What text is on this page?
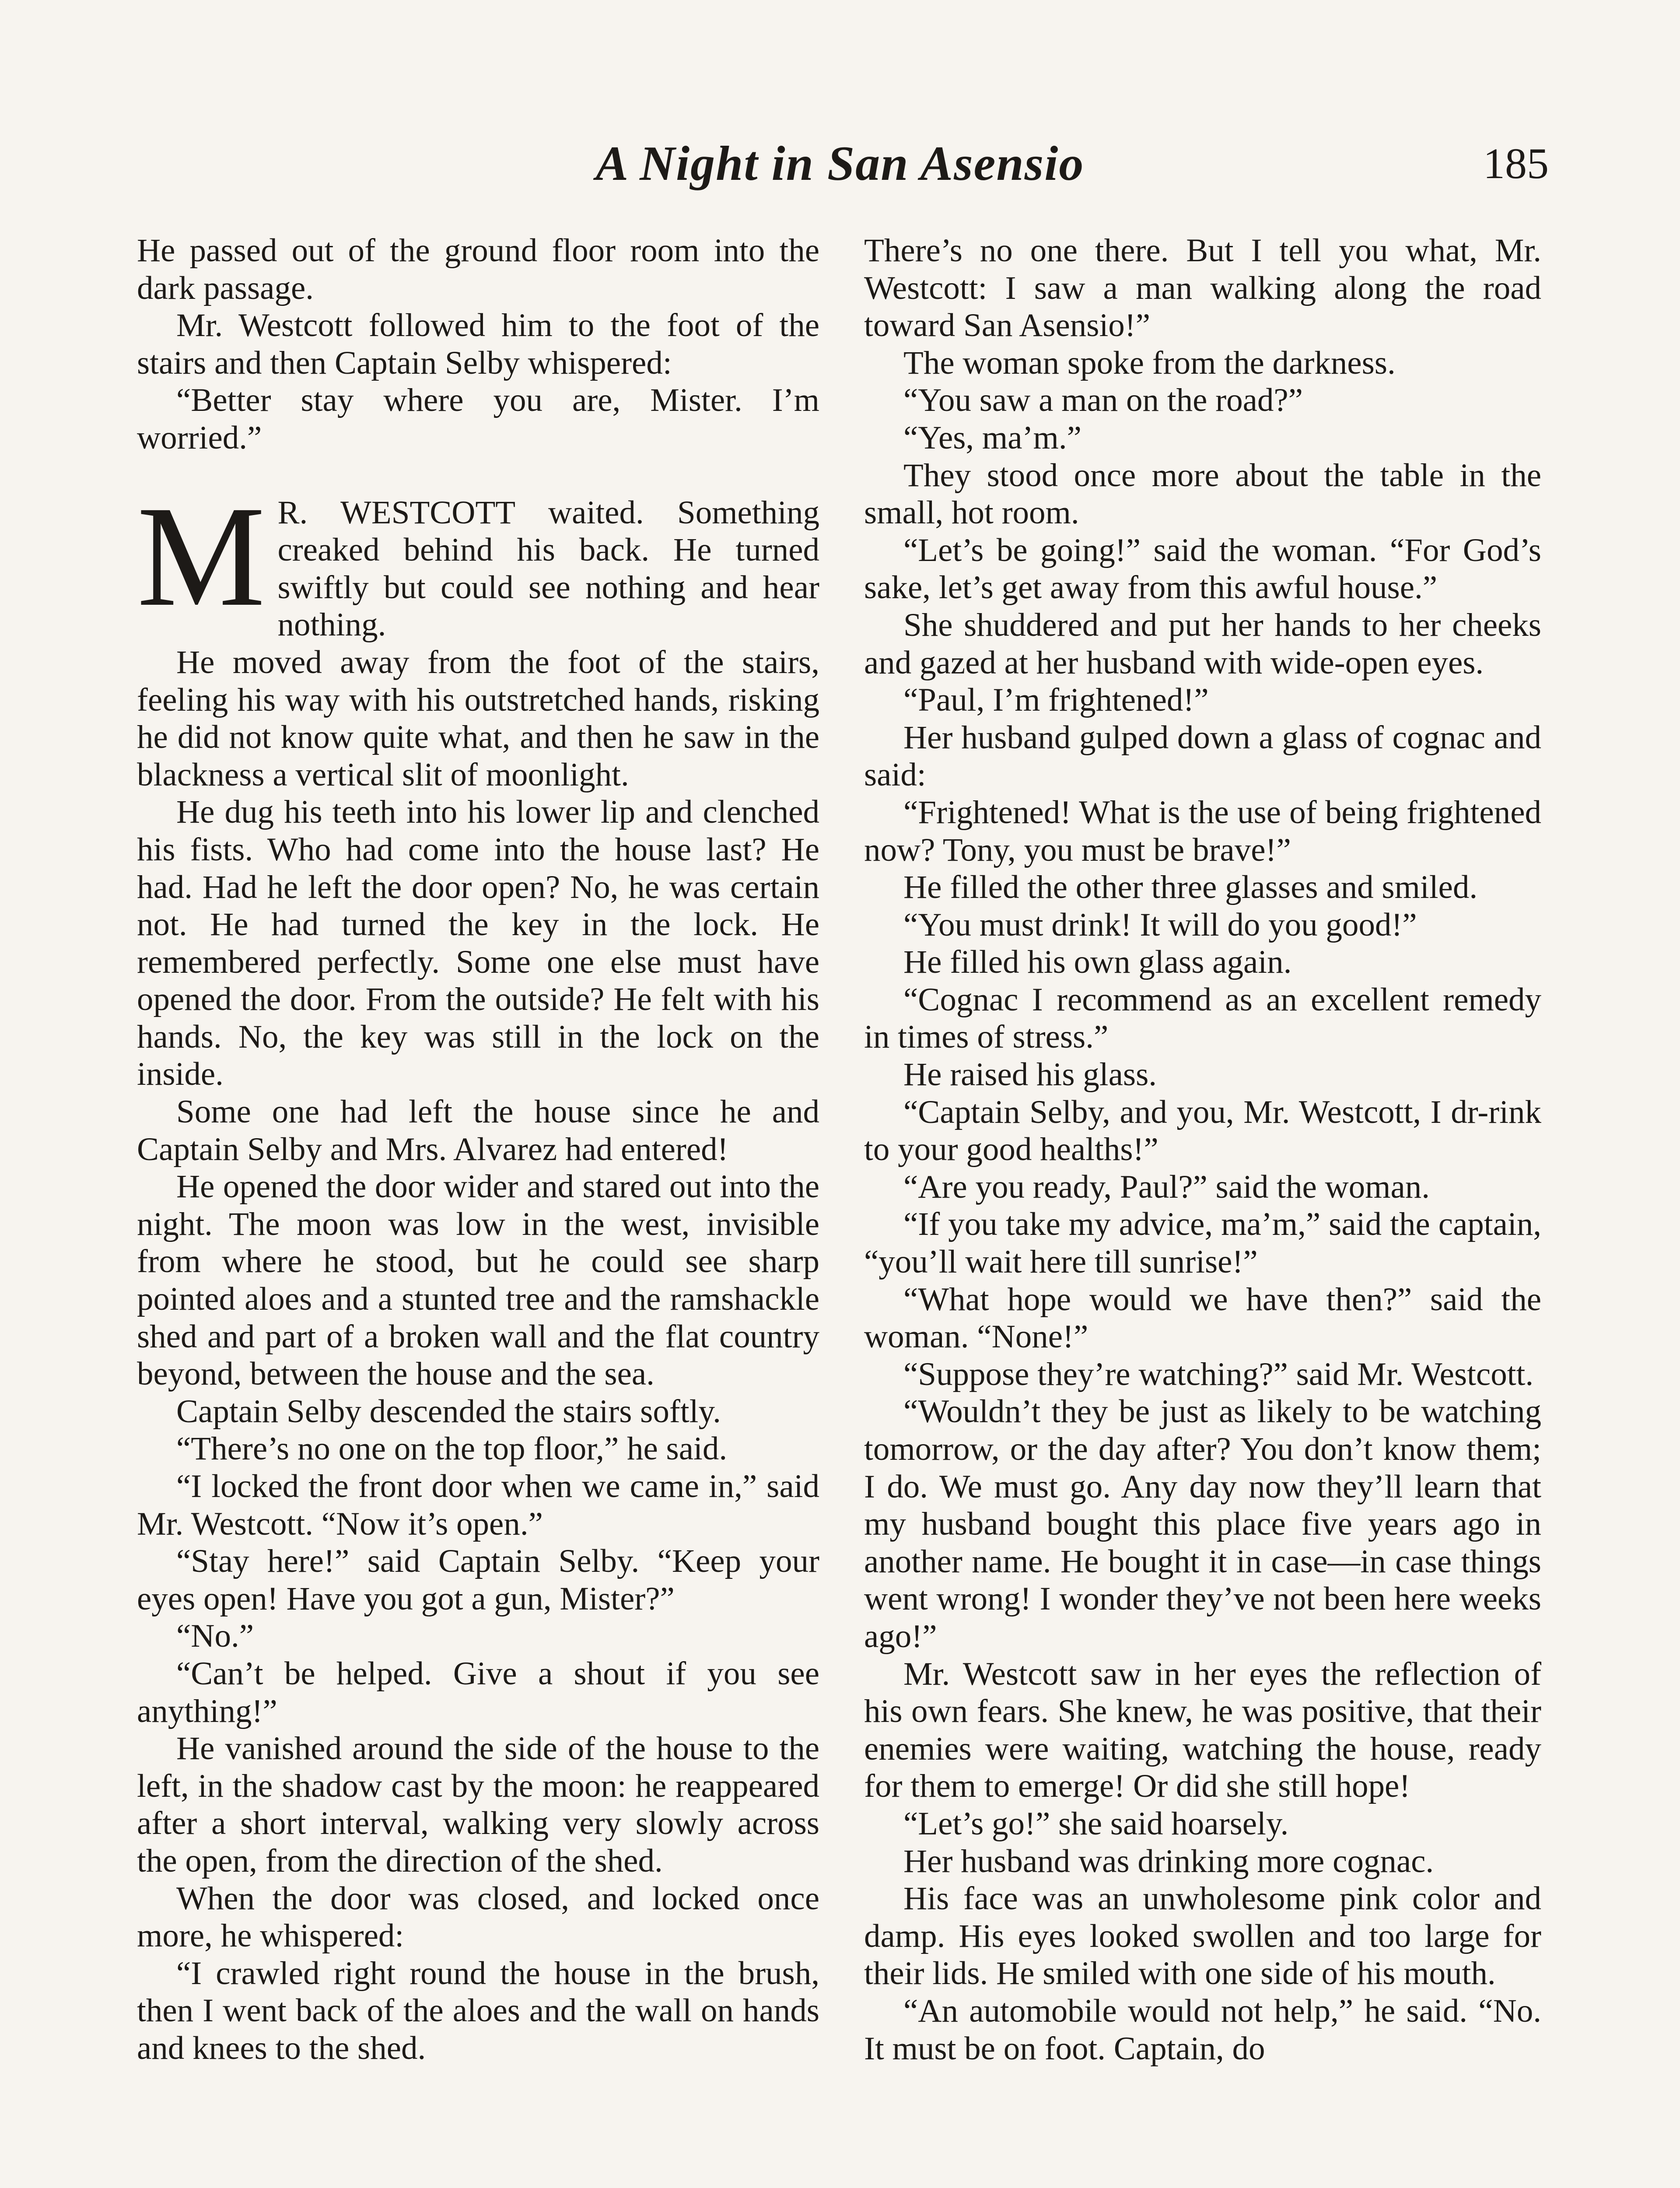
A Night in San Asensio	185

He passed out of the ground floor room into the dark passage.

Mr. Westcott followed him to the foot of the stairs and then Captain Selby whispered:

“Better stay where you are, Mister. I’m worried.”

M R. WESTCOTT waited. Something creaked behind his back. He turned swiftly but could see nothing and hear nothing.

He moved away from the foot of the stairs, feeling his way with his outstretched hands, risking he did not know quite what, and then he saw in the blackness a vertical slit of moonlight.

He dug his teeth into his lower lip and clenched his fists. Who had come into the house last? He had. Had he left the door open? No, he was certain not. He had turned the key in the lock. He remembered perfectly. Some one else must have opened the door. From the outside? He felt with his hands. No, the key was still in the lock on the inside.

Some one had left the house since he and Captain Selby and Mrs. Alvarez had entered!

He opened the door wider and stared out into the night. The moon was low in the west, invisible from where he stood, but he could see sharp pointed aloes and a stunted tree and the ramshackle shed and part of a broken wall and the flat country beyond, between the house and the sea.

Captain Selby descended the stairs softly.

“There’s no one on the top floor,” he said.

“I locked the front door when we came in,” said Mr. Westcott. “Now it’s open.”

“Stay here!” said Captain Selby. “Keep your eyes open! Have you got a gun, Mister?”

“No.”

“Can’t be helped. Give a shout if you see anything!”

He vanished around the side of the house to the left, in the shadow cast by the moon: he reappeared after a short interval, walking very slowly across the open, from the direction of the shed.

When the door was closed, and locked once more, he whispered:

“I crawled right round the house in the brush, then I went back of the aloes and the wall on hands and knees to the shed.

There’s no one there. But I tell you what, Mr. Westcott: I saw a man walking along the road toward San Asensio!”

The woman spoke from the darkness.

“You saw a man on the road?”

“Yes, ma’m.”

They stood once more about the table in the small, hot room.

“Let’s be going!” said the woman. “For God’s sake, let’s get away from this awful house.”

She shuddered and put her hands to her cheeks and gazed at her husband with wide-open eyes.

“Paul, I’m frightened!”

Her husband gulped down a glass of cognac and said:

“Frightened! What is the use of being frightened now? Tony, you must be brave!”

He filled the other three glasses and smiled.

“You must drink! It will do you good!”

He filled his own glass again.

“Cognac I recommend as an excellent remedy in times of stress.”

He raised his glass.

“Captain Selby, and you, Mr. Westcott, I dr-rink to your good healths!”

“Are you ready, Paul?” said the woman.

“If you take my advice, ma’m,” said the captain, “you’ll wait here till sunrise!”

“What hope would we have then?” said the woman. “None!”

“Suppose they’re watching?” said Mr. Westcott.

“Wouldn’t they be just as likely to be watching tomorrow, or the day after? You don’t know them; I do. We must go. Any day now they’ll learn that my husband bought this place five years ago in another name. He bought it in case—in case things went wrong! I wonder they’ve not been here weeks ago!”

Mr. Westcott saw in her eyes the reflection of his own fears. She knew, he was positive, that their enemies were waiting, watching the house, ready for them to emerge! Or did she still hope!

“Let’s go!” she said hoarsely.

Her husband was drinking more cognac.

His face was an unwholesome pink color and damp. His eyes looked swollen and too large for their lids. He smiled with one side of his mouth.

“An automobile would not help,” he said. “No. It must be on foot. Captain, do
